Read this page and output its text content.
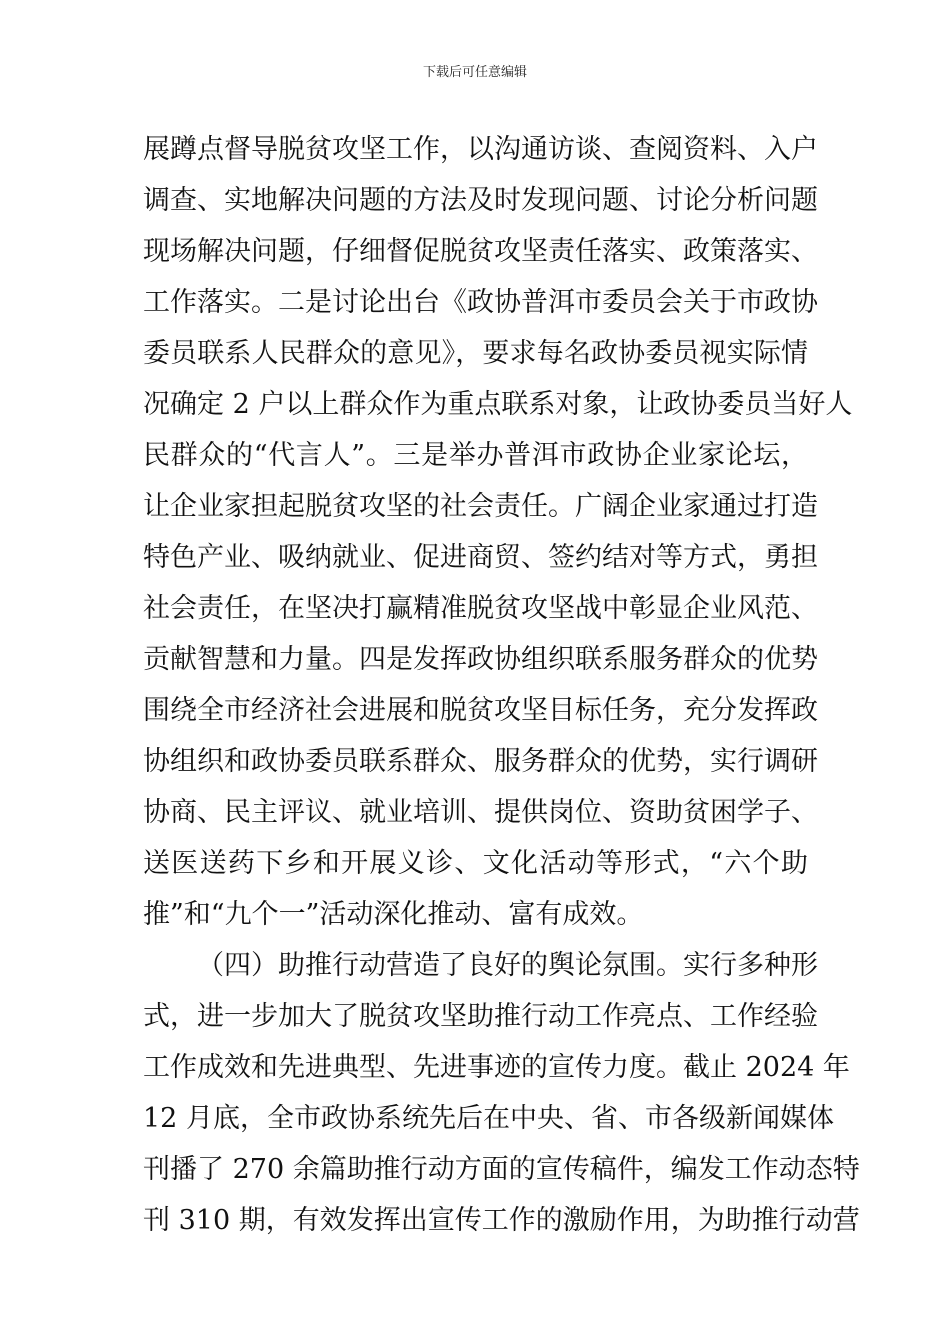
下载后可任意编辑
展蹲点督导脱贫攻坚工作，以沟通访谈、查阅资料、入户
调查、实地解决问题的方法及时发现问题、讨论分析问题
现场解决问题，仔细督促脱贫攻坚责任落实、政策落实、
工作落实。二是讨论出台《政协普洱市委员会关于市政协
委员联系人民群众的意见》，要求每名政协委员视实际情
况确定 2 户以上群众作为重点联系对象，让政协委员当好人
民群众的“代言人”。三是举办普洱市政协企业家论坛，
让企业家担起脱贫攻坚的社会责任。广阔企业家通过打造
特色产业、吸纳就业、促进商贸、签约结对等方式，勇担
社会责任，在坚决打赢精准脱贫攻坚战中彰显企业风范、
贡献智慧和力量。四是发挥政协组织联系服务群众的优势
围绕全市经济社会进展和脱贫攻坚目标任务，充分发挥政
协组织和政协委员联系群众、服务群众的优势，实行调研
协商、民主评议、就业培训、提供岗位、资助贫困学子、
送医送药下乡和开展义诊、文化活动等形式，“六个助
推”和“九个一”活动深化推动、富有成效。
（四）助推行动营造了良好的舆论氛围。实行多种形
式，进一步加大了脱贫攻坚助推行动工作亮点、工作经验
工作成效和先进典型、先进事迹的宣传力度。截止 2024 年
12 月底，全市政协系统先后在中央、省、市各级新闻媒体
刊播了 270 余篇助推行动方面的宣传稿件，编发工作动态特
刊 310 期，有效发挥出宣传工作的激励作用，为助推行动营
